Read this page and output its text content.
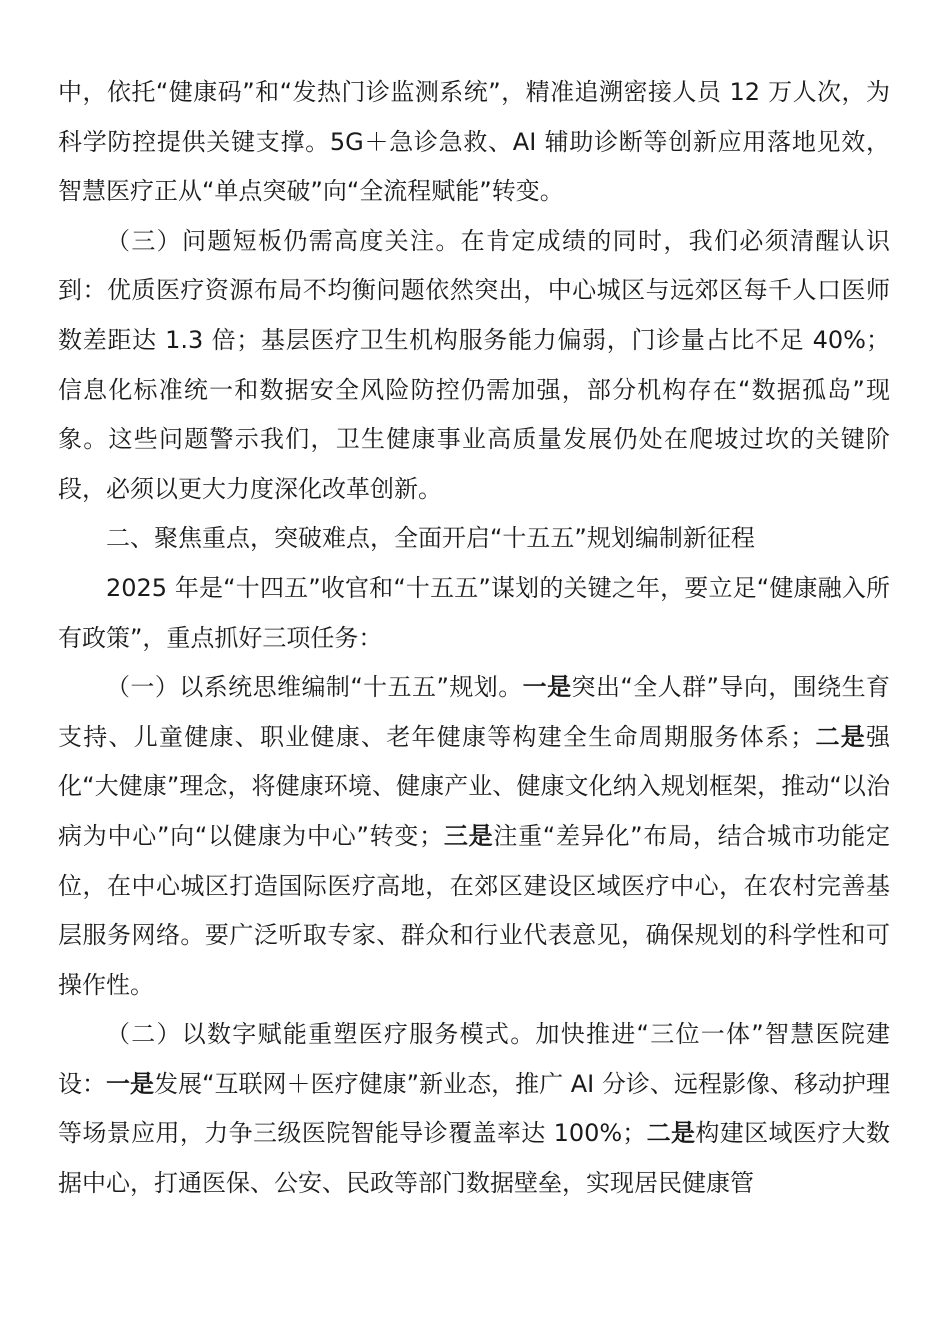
中，依托“健康码”和“发热门诊监测系统”，精准追溯密接人员 12 万人次，为科学防控提供关键支撑。5G＋急诊急救、AI 辅助诊断等创新应用落地见效，智慧医疗正从“单点突破”向“全流程赋能”转变。

（三）问题短板仍需高度关注。在肯定成绩的同时，我们必须清醒认识到：优质医疗资源布局不均衡问题依然突出，中心城区与远郊区每千人口医师数差距达 1.3 倍；基层医疗卫生机构服务能力偏弱，门诊量占比不足 40%；信息化标准统一和数据安全风险防控仍需加强，部分机构存在“数据孤岛”现象。这些问题警示我们，卫生健康事业高质量发展仍处在爬坡过坎的关键阶段，必须以更大力度深化改革创新。

二、聚焦重点，突破难点，全面开启“十五五”规划编制新征程

2025 年是“十四五”收官和“十五五”谋划的关键之年，要立足“健康融入所有政策”，重点抓好三项任务：

（一）以系统思维编制“十五五”规划。一是突出“全人群”导向，围绕生育支持、儿童健康、职业健康、老年健康等构建全生命周期服务体系；二是强化“大健康”理念，将健康环境、健康产业、健康文化纳入规划框架，推动“以治病为中心”向“以健康为中心”转变；三是注重“差异化”布局，结合城市功能定位，在中心城区打造国际医疗高地，在郊区建设区域医疗中心，在农村完善基层服务网络。要广泛听取专家、群众和行业代表意见，确保规划的科学性和可操作性。

（二）以数字赋能重塑医疗服务模式。加快推进“三位一体”智慧医院建设：一是发展“互联网＋医疗健康”新业态，推广 AI 分诊、远程影像、移动护理等场景应用，力争三级医院智能导诊覆盖率达 100%；二是构建区域医疗大数据中心，打通医保、公安、民政等部门数据壁垒，实现居民健康管
